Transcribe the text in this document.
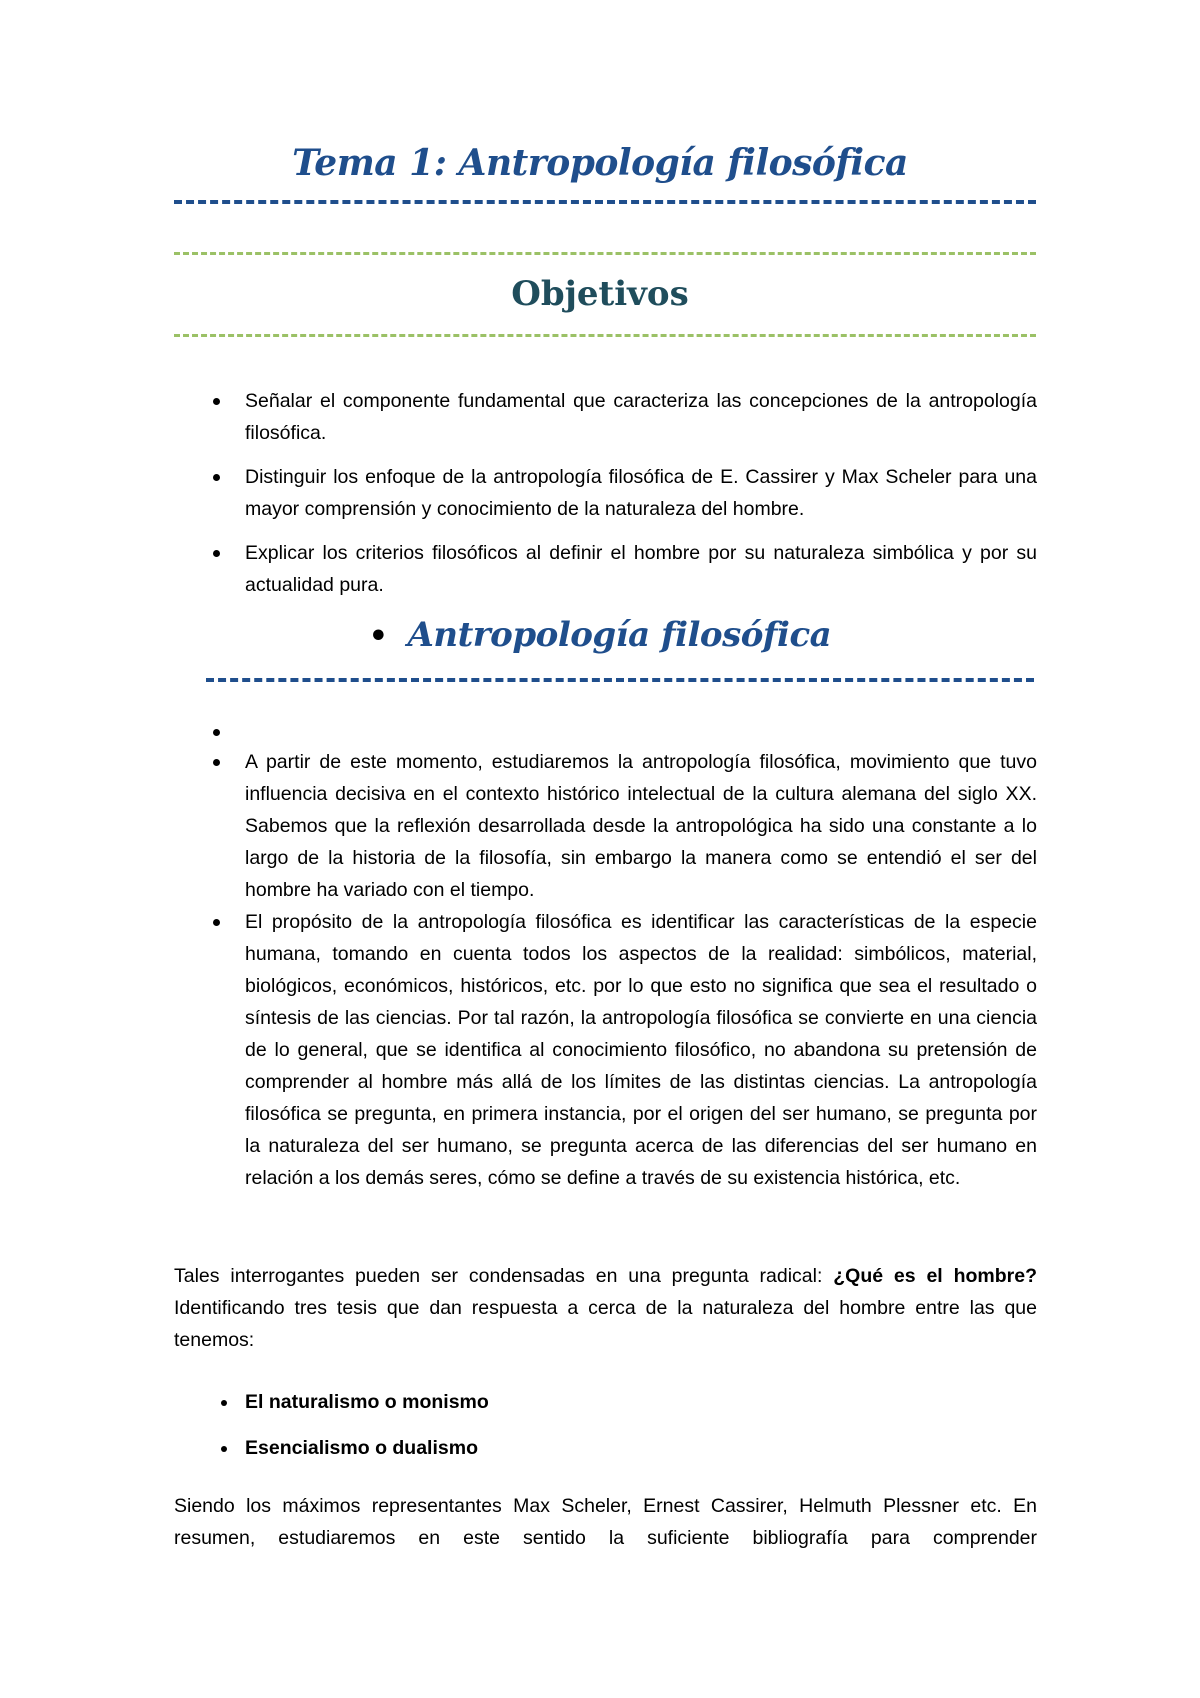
Tema 1: Antropología filosófica
Objetivos
Señalar el componente fundamental que caracteriza las concepciones de la antropología filosófica.
Distinguir los enfoque de la antropología filosófica de E. Cassirer y Max Scheler para una mayor comprensión y conocimiento de la naturaleza del hombre.
Explicar los criterios filosóficos al definir el hombre por su naturaleza simbólica y por su actualidad pura.
• Antropología filosófica
A partir de este momento, estudiaremos la antropología filosófica, movimiento que tuvo influencia decisiva en el contexto histórico intelectual de la cultura alemana del siglo XX. Sabemos que la reflexión desarrollada desde la antropológica ha sido una constante a lo largo de la historia de la filosofía, sin embargo la manera como se entendió el ser del hombre ha variado con el tiempo.
El propósito de la antropología filosófica es identificar las características de la especie humana, tomando en cuenta todos los aspectos de la realidad: simbólicos, material, biológicos, económicos, históricos, etc. por lo que esto no significa que sea el resultado o síntesis de las ciencias. Por tal razón, la antropología filosófica se convierte en una ciencia de lo general, que se identifica al conocimiento filosófico, no abandona su pretensión de comprender al hombre más allá de los límites de las distintas ciencias. La antropología filosófica se pregunta, en primera instancia, por el origen del ser humano, se pregunta por la naturaleza del ser humano, se pregunta acerca de las diferencias del ser humano en relación a los demás seres, cómo se define a través de su existencia histórica, etc.

Tales interrogantes pueden ser condensadas en una pregunta radical: ¿Qué es el hombre? Identificando tres tesis que dan respuesta a cerca de la naturaleza del hombre entre las que tenemos:

El naturalismo o monismo
Esencialismo o dualismo

Siendo los máximos representantes Max Scheler, Ernest Cassirer, Helmuth Plessner etc. En resumen, estudiaremos en este sentido la suficiente bibliografía para comprender
